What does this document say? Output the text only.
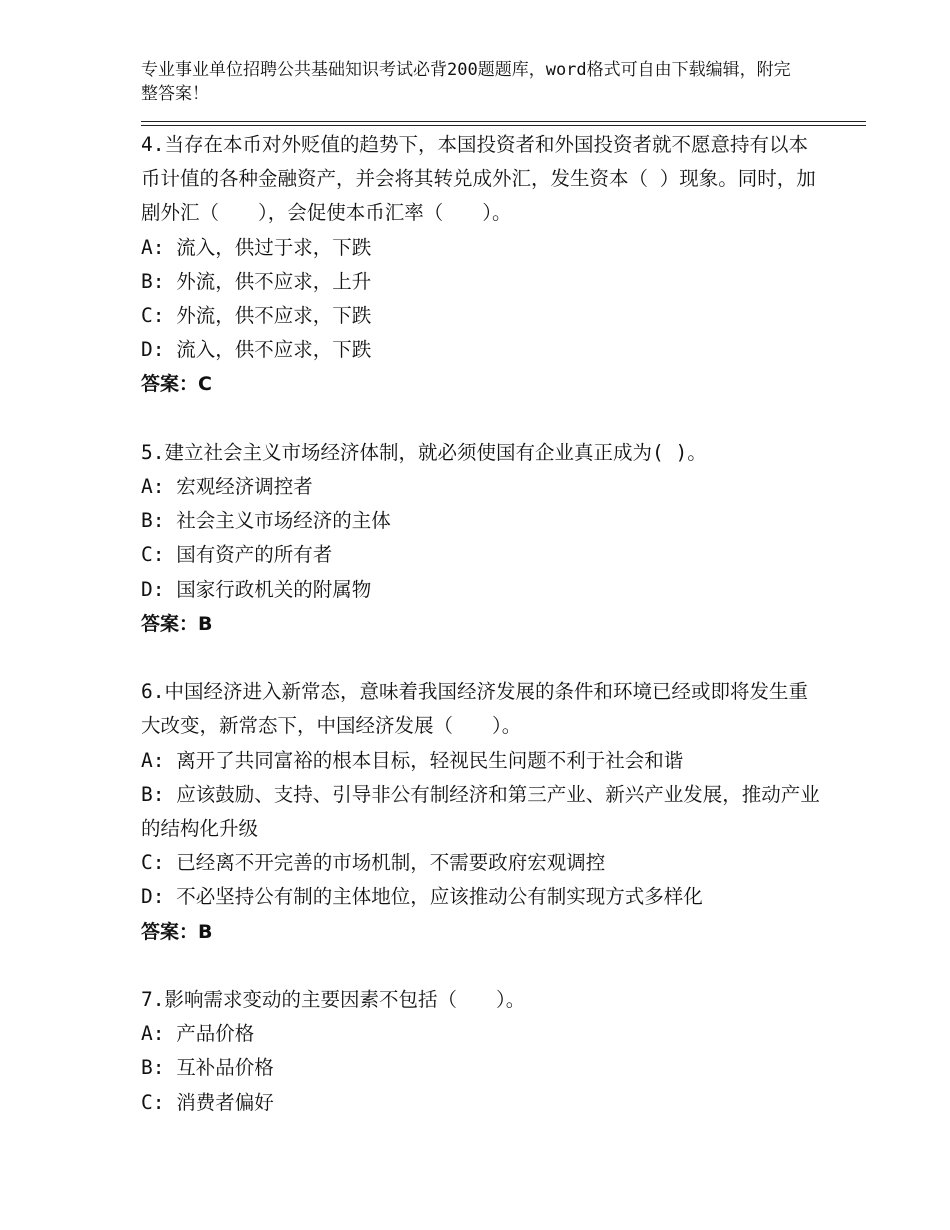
专业事业单位招聘公共基础知识考试必背200题题库，word格式可自由下载编辑，附完整答案！

4.当存在本币对外贬值的趋势下，本国投资者和外国投资者就不愿意持有以本币计值的各种金融资产，并会将其转兑成外汇，发生资本（ ）现象。同时，加剧外汇（　　），会促使本币汇率（　　）。

A: 流入，供过于求，下跌

B: 外流，供不应求，上升

C: 外流，供不应求，下跌

D: 流入，供不应求，下跌

答案：C

5.建立社会主义市场经济体制，就必须使国有企业真正成为( )。

A: 宏观经济调控者

B: 社会主义市场经济的主体

C: 国有资产的所有者

D: 国家行政机关的附属物

答案：B

6.中国经济进入新常态，意味着我国经济发展的条件和环境已经或即将发生重大改变，新常态下，中国经济发展（　　）。

A: 离开了共同富裕的根本目标，轻视民生问题不利于社会和谐

B: 应该鼓励、支持、引导非公有制经济和第三产业、新兴产业发展，推动产业的结构化升级

C: 已经离不开完善的市场机制，不需要政府宏观调控

D: 不必坚持公有制的主体地位，应该推动公有制实现方式多样化

答案：B

7.影响需求变动的主要因素不包括（　　）。

A: 产品价格

B: 互补品价格

C: 消费者偏好
